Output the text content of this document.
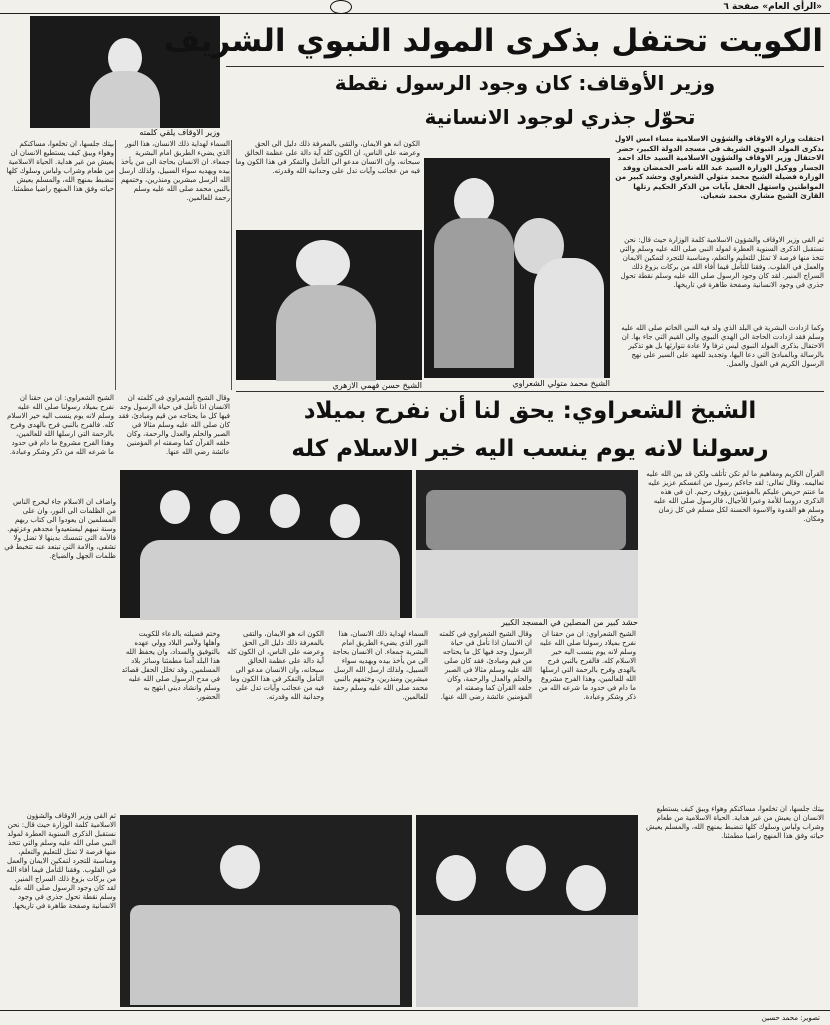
«الرأي العام» صفحة ٦
وزير الاوقاف يلقي كلمته
الكويت تحتفل بذكرى المولد النبوي الشريف
وزير الأوقاف: كان وجود الرسول نقطة
تحوّل جذري لوجود الانسانية
احتفلت وزارة الاوقاف والشؤون الاسلامية مساء امس الاول بذكرى المولد النبوي الشريف في مسجد الدولة الكبير، حضر الاحتفال وزير الاوقاف والشؤون الاسلامية السيد خالد احمد الجسار ووكيل الوزارة السيد عبد الله ناصر الحمضان ووفد الوزارة فضيلة الشيخ محمد متولي الشعراوي وحشد كبير من المواطنين واستهل الحفل بآيات من الذكر الحكيم رتلها القارئ الشيخ مشاري محمد شعبان.
ثم القى وزير الاوقاف والشؤون الاسلامية كلمة الوزارة حيث قال: نحن نستقبل الذكرى السنوية العطرة لمولد النبي صلى الله عليه وسلم والتي تتخذ منها فرصة لا تمثل للتعليم والتعلم، ومناسبة للتجرد لتمكين الايمان والعمل في القلوب. وفقنا للتأمل فيما أفاء الله من بركات بزوغ ذلك السراج المنير. لقد كان وجود الرسول صلى الله عليه وسلم نقطة تحول جذري في وجود الانسانية وصفحة طاهرة في تاريخها.
بيتك جلسها، ان تخلعوا، مساكنكم وهواء ويبق كيف يستطيع الانسان ان يعيش من غير هداية. الحياة الاسلامية من طعام وشراب ولباس وسلوك كلها تنضبط بمنهج الله، والمسلم يعيش حياته وفق هذا المنهج راضيا مطمئنا.
السماء لهداية ذلك الانسان، هذا النور الذي يضيء الطريق امام البشرية جمعاء. ان الانسان بحاجة الى من يأخذ بيده ويهديه سواء السبيل، ولذلك ارسل الله الرسل مبشرين ومنذرين، وختمهم بالنبي محمد صلى الله عليه وسلم رحمة للعالمين.
الكون انه هو الايمان، والتقى بالمعرفة ذلك دليل الى الحق وعرضه على الناس، ان الكون كله آية دالة على عظمة الخالق سبحانه، وان الانسان مدعو الى التأمل والتفكر في هذا الكون وما فيه من عجائب وآيات تدل على وحدانية الله وقدرته.
الشيخ حسن فهمي الازهري	الشيخ محمد متولي الشعراوي
وكما ازدادت البشرية في البلد الذي ولد فيه النبي الخاتم صلى الله عليه وسلم فقد ازدادت الحاجة الى الهدي النبوي والى القيم التي جاء بها. ان الاحتفال بذكرى المولد النبوي ليس ترفا ولا عادة نتوارثها بل هو تذكير بالرسالة وبالمبادئ التي دعا اليها، وتجديد للعهد على السير على نهج الرسول الكريم في القول والعمل.
الشيخ الشعراوي: يحق لنا أن نفرح بميلاد
رسولنا لانه يوم ينسب اليه خير الاسلام كله
الشيخ الشعراوي: ان من حقنا ان نفرح بميلاد رسولنا صلى الله عليه وسلم لانه يوم ينسب اليه خير الاسلام كله. فالفرح بالنبي فرح بالهدى وفرح بالرحمة التي ارسلها الله للعالمين، وهذا الفرح مشروع ما دام في حدود ما شرعه الله من ذكر وشكر وعبادة.
وقال الشيخ الشعراوي في كلمته ان الانسان اذا تأمل في حياة الرسول وجد فيها كل ما يحتاجه من قيم ومبادئ، فقد كان صلى الله عليه وسلم مثالا في الصبر والحلم والعدل والرحمة، وكان خلقه القرآن كما وصفته ام المؤمنين عائشة رضي الله عنها.
القرآن الكريم ومفاهيم ما لم تكن تأتلف ولكن قد بين الله عليه تعاليمه. وقال تعالى: لقد جاءكم رسول من انفسكم عزيز عليه ما عنتم حريص عليكم بالمؤمنين رؤوف رحيم. ان في هذه الذكرى دروسا للأمة وعبرا للأجيال، فالرسول صلى الله عليه وسلم هو القدوة والاسوة الحسنة لكل مسلم في كل زمان ومكان.
حشد كبير من المصلين في المسجد الكبير
واضاف ان الاسلام جاء ليخرج الناس من الظلمات الى النور، وان على المسلمين ان يعودوا الى كتاب ربهم وسنة نبيهم ليستعيدوا مجدهم وعزتهم. فالأمة التي تتمسك بدينها لا تضل ولا تشقى، والامة التي تبتعد عنه تتخبط في ظلمات الجهل والضياع.
وختم فضيلته بالدعاء للكويت وأهلها ولأمير البلاد وولي عهده بالتوفيق والسداد، وان يحفظ الله هذا البلد آمنا مطمئنا وسائر بلاد المسلمين. وقد تخلل الحفل قصائد في مدح الرسول صلى الله عليه وسلم وانشاد ديني ابتهج به الحضور.
الكون انه هو الايمان، والتقى بالمعرفة ذلك دليل الى الحق وعرضه على الناس، ان الكون كله آية دالة على عظمة الخالق سبحانه، وان الانسان مدعو الى التأمل والتفكر في هذا الكون وما فيه من عجائب وآيات تدل على وحدانية الله وقدرته.
السماء لهداية ذلك الانسان، هذا النور الذي يضيء الطريق امام البشرية جمعاء. ان الانسان بحاجة الى من يأخذ بيده ويهديه سواء السبيل، ولذلك ارسل الله الرسل مبشرين ومنذرين، وختمهم بالنبي محمد صلى الله عليه وسلم رحمة للعالمين.
وقال الشيخ الشعراوي في كلمته ان الانسان اذا تأمل في حياة الرسول وجد فيها كل ما يحتاجه من قيم ومبادئ، فقد كان صلى الله عليه وسلم مثالا في الصبر والحلم والعدل والرحمة، وكان خلقه القرآن كما وصفته ام المؤمنين عائشة رضي الله عنها.
الشيخ الشعراوي: ان من حقنا ان نفرح بميلاد رسولنا صلى الله عليه وسلم لانه يوم ينسب اليه خير الاسلام كله. فالفرح بالنبي فرح بالهدى وفرح بالرحمة التي ارسلها الله للعالمين، وهذا الفرح مشروع ما دام في حدود ما شرعه الله من ذكر وشكر وعبادة.
بيتك جلسها، ان تخلعوا، مساكنكم وهواء ويبق كيف يستطيع الانسان ان يعيش من غير هداية. الحياة الاسلامية من طعام وشراب ولباس وسلوك كلها تنضبط بمنهج الله، والمسلم يعيش حياته وفق هذا المنهج راضيا مطمئنا.
ثم القى وزير الاوقاف والشؤون الاسلامية كلمة الوزارة حيث قال: نحن نستقبل الذكرى السنوية العطرة لمولد النبي صلى الله عليه وسلم والتي تتخذ منها فرصة لا تمثل للتعليم والتعلم، ومناسبة للتجرد لتمكين الايمان والعمل في القلوب. وفقنا للتأمل فيما أفاء الله من بركات بزوغ ذلك السراج المنير. لقد كان وجود الرسول صلى الله عليه وسلم نقطة تحول جذري في وجود الانسانية وصفحة طاهرة في تاريخها.
تصوير: محمد حسين
